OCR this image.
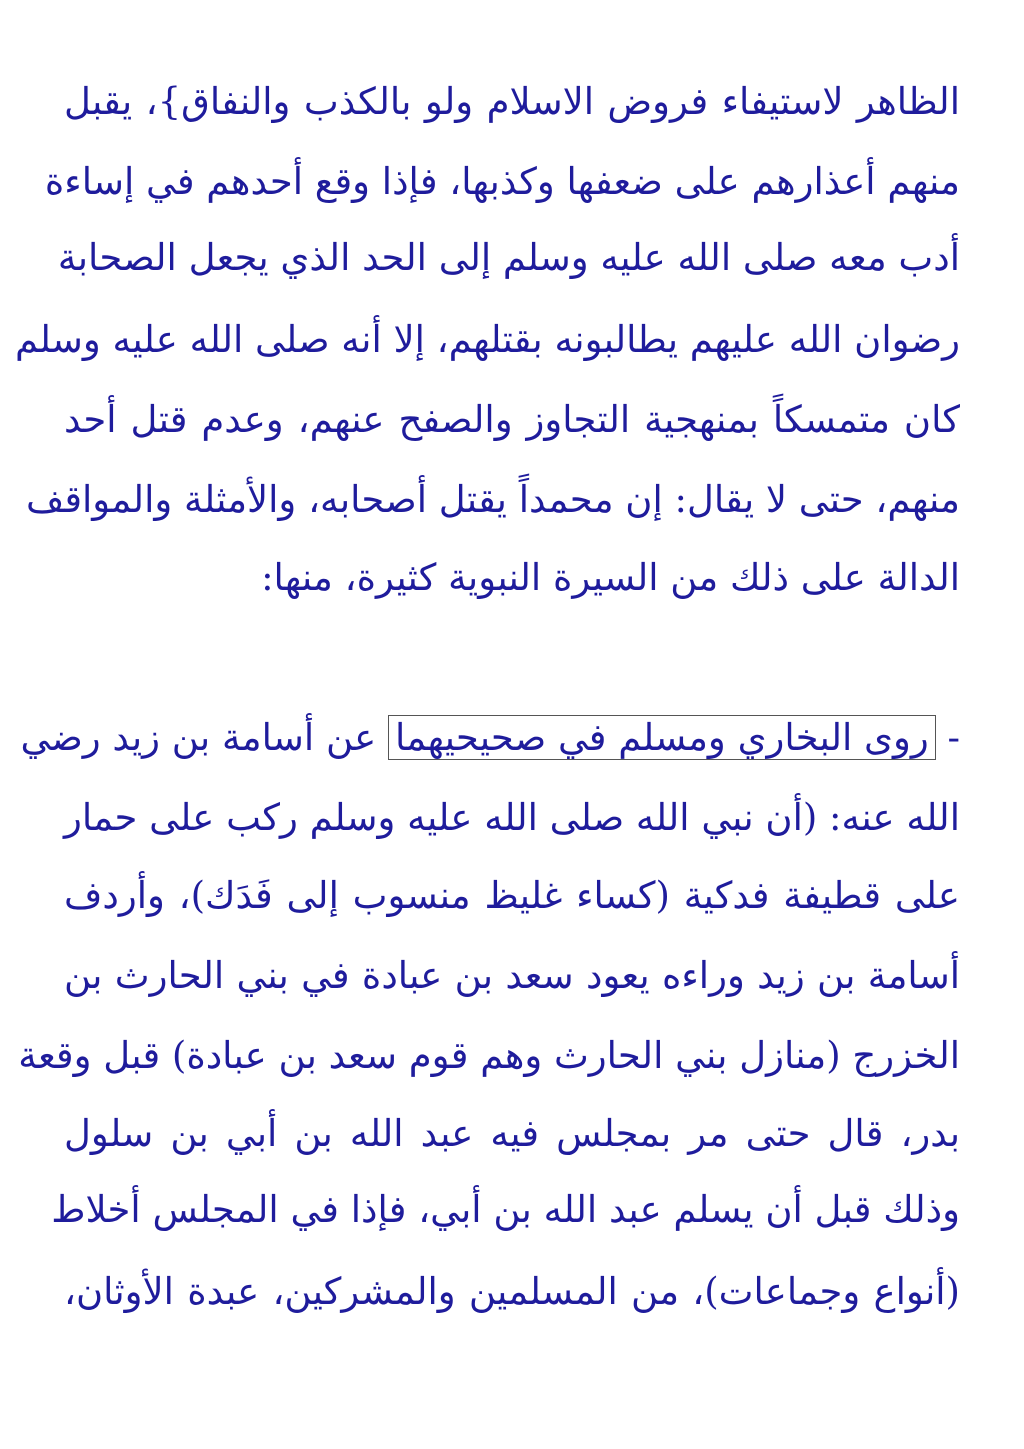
الظاهر لاستيفاء فروض الاسلام ولو بالكذب والنفاق}، يقبل
منهم أعذارهم على ضعفها وكذبها، فإذا وقع أحدهم في إساءة
أدب معه صلى الله عليه وسلم إلى الحد الذي يجعل الصحابة
رضوان الله عليهم يطالبونه بقتلهم، إلا أنه صلى الله عليه وسلم
كان متمسكاً بمنهجية التجاوز والصفح عنهم، وعدم قتل أحد
منهم، حتى لا يقال: إن محمداً يقتل أصحابه، والأمثلة والمواقف
الدالة على ذلك من السيرة النبوية كثيرة، منها:
- روى البخاري ومسلم في صحيحيهما عن أسامة بن زيد رضي
الله عنه: (أن نبي الله صلى الله عليه وسلم ركب على حمار
على قطيفة فدكية (كساء غليظ منسوب إلى فَدَك)، وأردف
أسامة بن زيد وراءه يعود سعد بن عبادة في بني الحارث بن
الخزرج (منازل بني الحارث وهم قوم سعد بن عبادة) قبل وقعة
بدر، قال حتى مر بمجلس فيه عبد الله بن أبي بن سلول
وذلك قبل أن يسلم عبد الله بن أبي، فإذا في المجلس أخلاط
(أنواع وجماعات)، من المسلمين والمشركين، عبدة الأوثان،
